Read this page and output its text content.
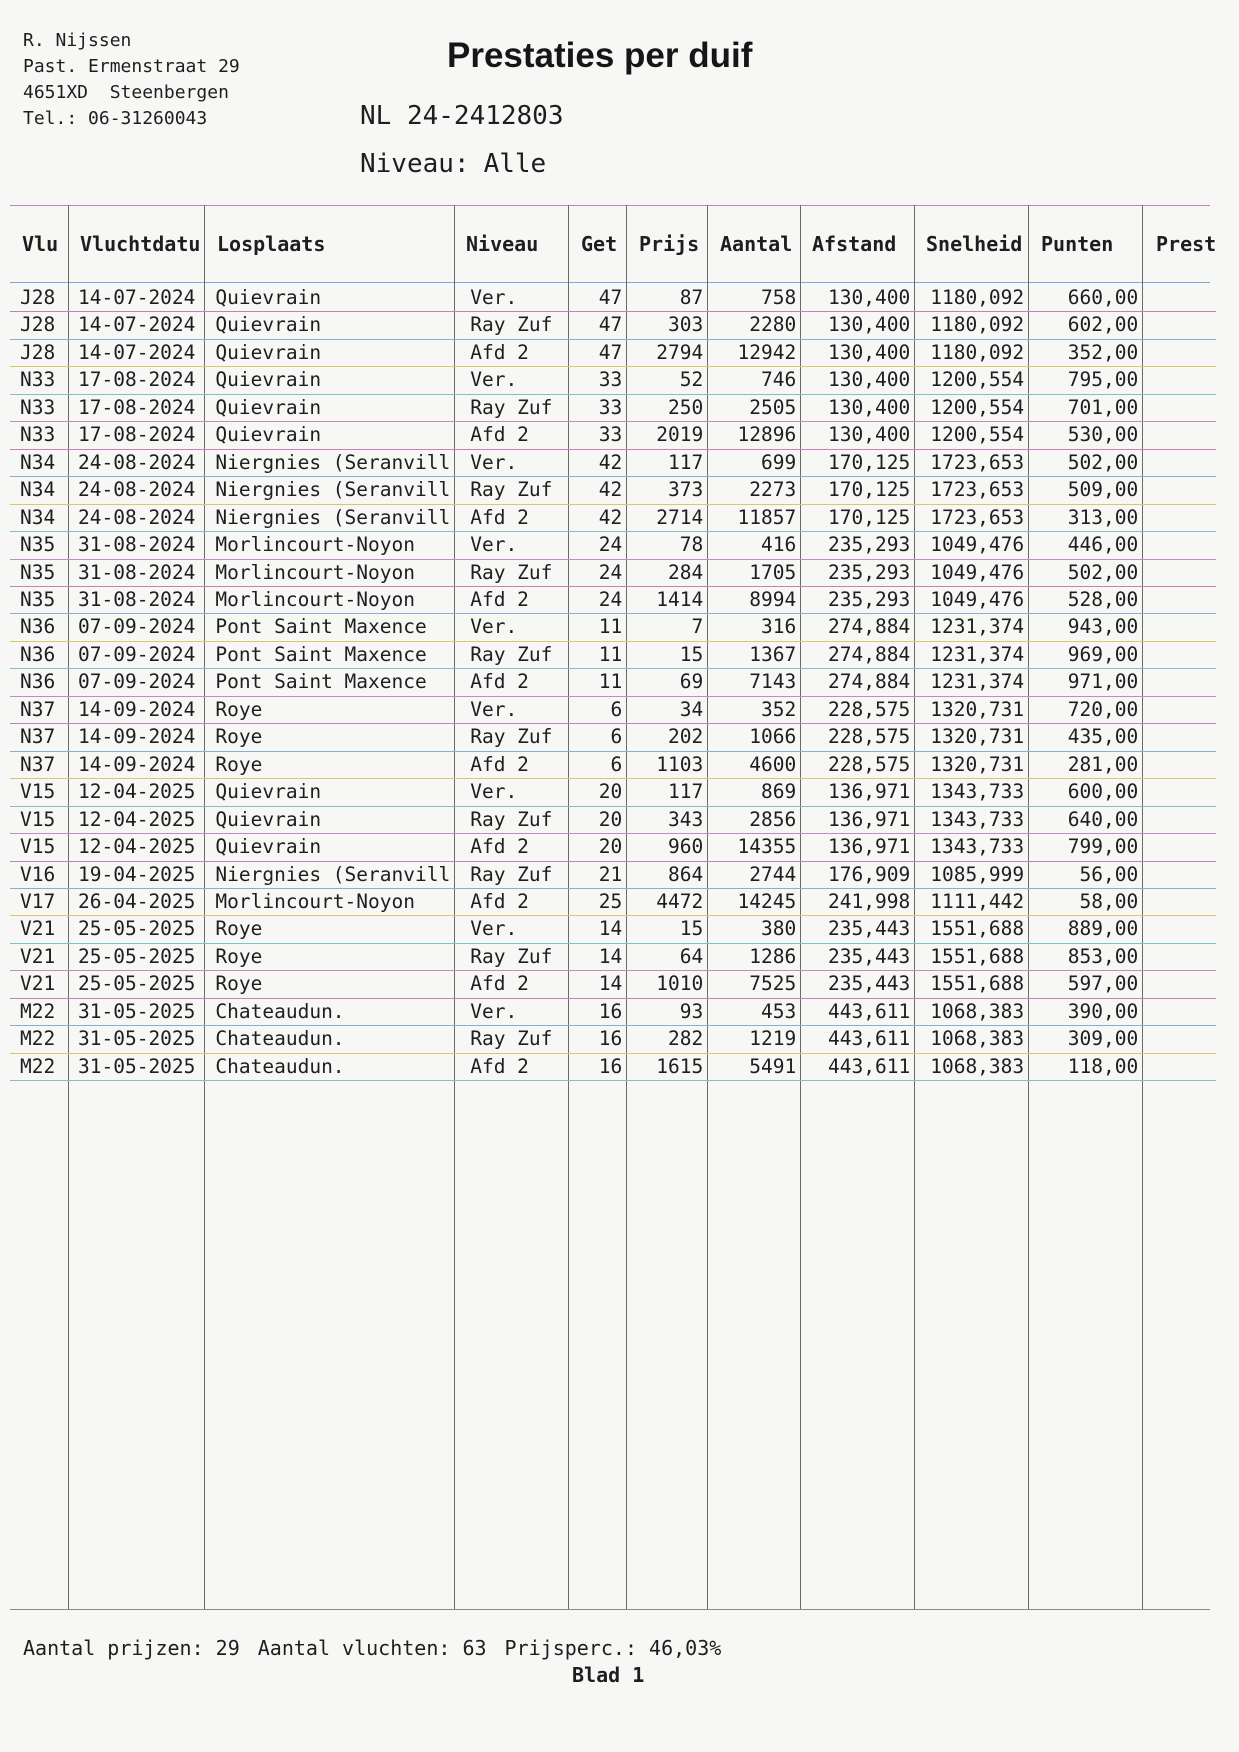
R. Nijssen
Past. Ermenstraat 29
4651XD  Steenbergen
Tel.: 06-31260043
Prestaties per duif
NL 24-2412803
Niveau: Alle
Vlu Vluchtdatu Losplaats	Niveau Get Prijs Aantal Afstand Snelheid Punten Prest
J28	14-07-2024	Quievrain	Ver.	47	87	758	130,400	1180,092	660,00	
J28	14-07-2024	Quievrain	Ray Zuf	47	303	2280	130,400	1180,092	602,00	
J28	14-07-2024	Quievrain	Afd 2	47	2794	12942	130,400	1180,092	352,00	
N33	17-08-2024	Quievrain	Ver.	33	52	746	130,400	1200,554	795,00	
N33	17-08-2024	Quievrain	Ray Zuf	33	250	2505	130,400	1200,554	701,00	
N33	17-08-2024	Quievrain	Afd 2	33	2019	12896	130,400	1200,554	530,00	
N34	24-08-2024	Niergnies (Seranvill	Ver.	42	117	699	170,125	1723,653	502,00	
N34	24-08-2024	Niergnies (Seranvill	Ray Zuf	42	373	2273	170,125	1723,653	509,00	
N34	24-08-2024	Niergnies (Seranvill	Afd 2	42	2714	11857	170,125	1723,653	313,00	
N35	31-08-2024	Morlincourt-Noyon	Ver.	24	78	416	235,293	1049,476	446,00	
N35	31-08-2024	Morlincourt-Noyon	Ray Zuf	24	284	1705	235,293	1049,476	502,00	
N35	31-08-2024	Morlincourt-Noyon	Afd 2	24	1414	8994	235,293	1049,476	528,00	
N36	07-09-2024	Pont Saint Maxence	Ver.	11	7	316	274,884	1231,374	943,00	
N36	07-09-2024	Pont Saint Maxence	Ray Zuf	11	15	1367	274,884	1231,374	969,00	
N36	07-09-2024	Pont Saint Maxence	Afd 2	11	69	7143	274,884	1231,374	971,00	
N37	14-09-2024	Roye	Ver.	6	34	352	228,575	1320,731	720,00	
N37	14-09-2024	Roye	Ray Zuf	6	202	1066	228,575	1320,731	435,00	
N37	14-09-2024	Roye	Afd 2	6	1103	4600	228,575	1320,731	281,00	
V15	12-04-2025	Quievrain	Ver.	20	117	869	136,971	1343,733	600,00	
V15	12-04-2025	Quievrain	Ray Zuf	20	343	2856	136,971	1343,733	640,00	
V15	12-04-2025	Quievrain	Afd 2	20	960	14355	136,971	1343,733	799,00	
V16	19-04-2025	Niergnies (Seranvill	Ray Zuf	21	864	2744	176,909	1085,999	56,00	
V17	26-04-2025	Morlincourt-Noyon	Afd 2	25	4472	14245	241,998	1111,442	58,00	
V21	25-05-2025	Roye	Ver.	14	15	380	235,443	1551,688	889,00	
V21	25-05-2025	Roye	Ray Zuf	14	64	1286	235,443	1551,688	853,00	
V21	25-05-2025	Roye	Afd 2	14	1010	7525	235,443	1551,688	597,00	
M22	31-05-2025	Chateaudun.	Ver.	16	93	453	443,611	1068,383	390,00	
M22	31-05-2025	Chateaudun.	Ray Zuf	16	282	1219	443,611	1068,383	309,00	
M22	31-05-2025	Chateaudun.	Afd 2	16	1615	5491	443,611	1068,383	118,00	
Aantal prijzen: 29 Aantal vluchten: 63 Prijsperc.: 46,03%
Blad 1
